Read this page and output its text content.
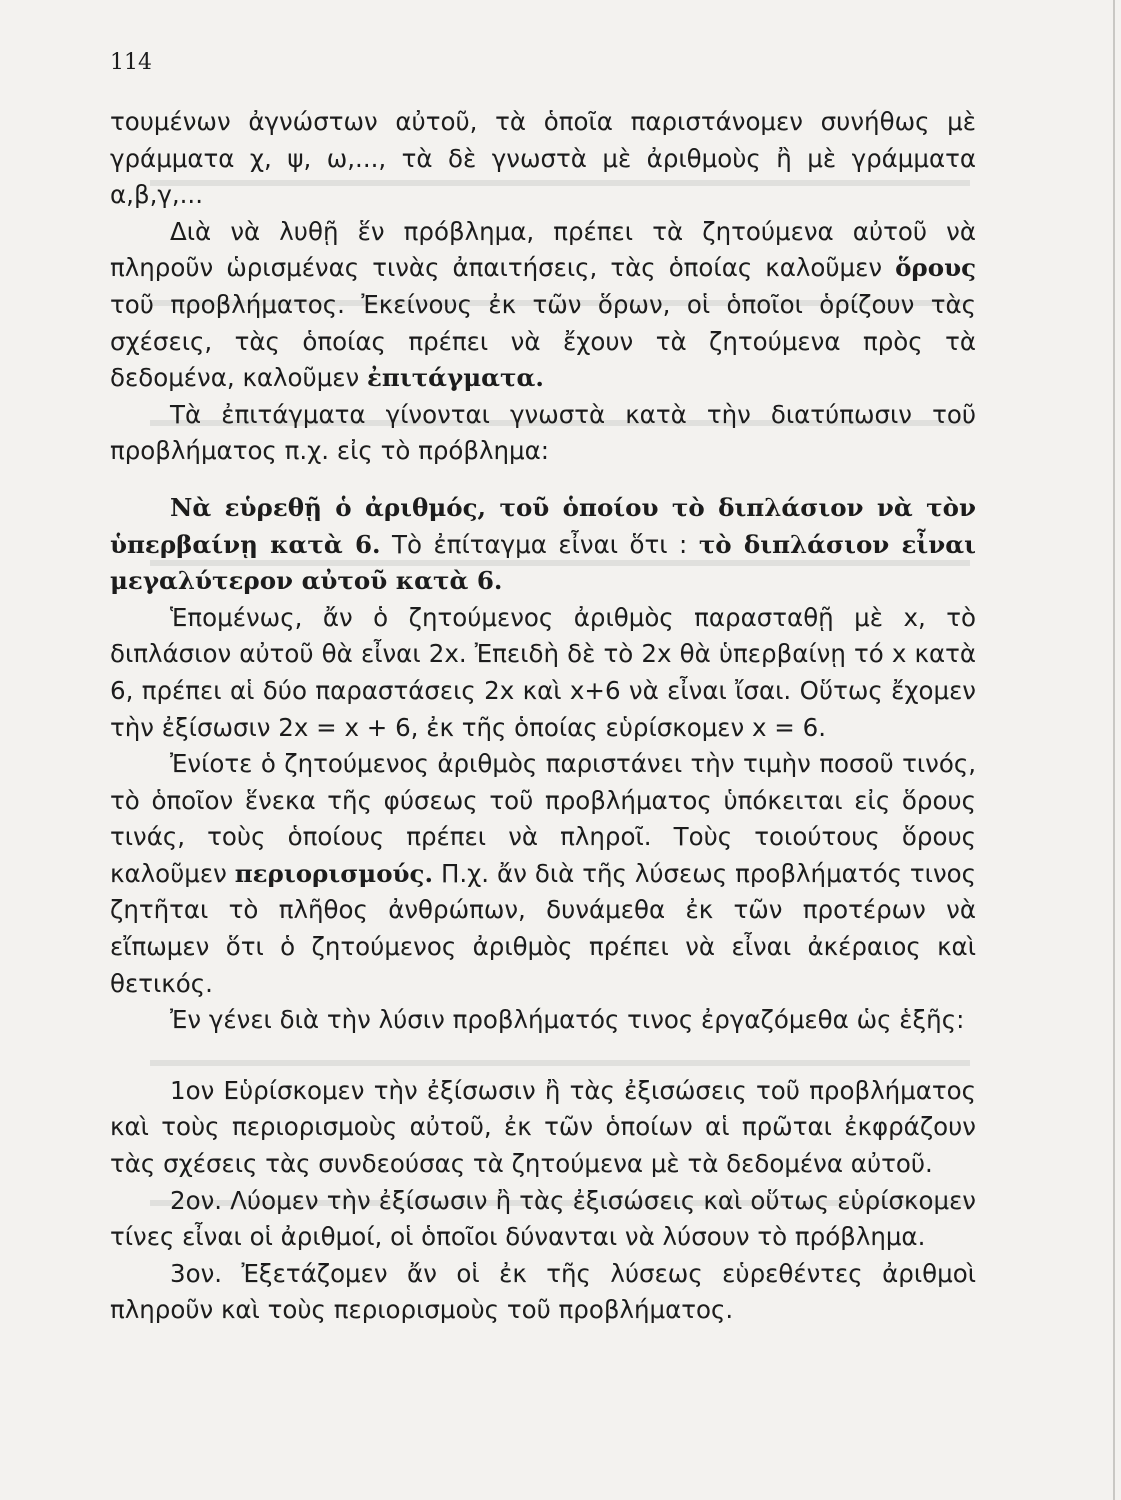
114

τουμένων ἀγνώστων αὐτοῦ, τὰ ὁποῖα παριστάνομεν συνήθως μὲ γράμματα χ, ψ, ω,..., τὰ δὲ γνωστὰ μὲ ἀριθμοὺς ἢ μὲ γράμματα α,β,γ,...

Διὰ νὰ λυθῇ ἕν πρόβλημα, πρέπει τὰ ζητούμενα αὐτοῦ νὰ πληροῦν ὡρισμένας τινὰς ἀπαιτήσεις, τὰς ὁποίας καλοῦμεν ὅρους τοῦ προβλήματος. Ἐκείνους ἐκ τῶν ὅρων, οἱ ὁποῖοι ὁρίζουν τὰς σχέσεις, τὰς ὁποίας πρέπει νὰ ἔχουν τὰ ζητούμενα πρὸς τὰ δεδομένα, καλοῦμεν ἐπιτάγματα.

Τὰ ἐπιτάγματα γίνονται γνωστὰ κατὰ τὴν διατύπωσιν τοῦ προβλήματος π.χ. εἰς τὸ πρόβλημα:

Νὰ εὑρεθῇ ὁ ἀριθμός, τοῦ ὁποίου τὸ διπλάσιον νὰ τὸν ὑπερβαίνῃ κατὰ 6. Τὸ ἐπίταγμα εἶναι ὅτι : τὸ διπλάσιον εἶναι μεγαλύτερον αὐτοῦ κατὰ 6.

Ἑπομένως, ἄν ὁ ζητούμενος ἀριθμὸς παρασταθῇ μὲ x, τὸ διπλάσιον αὐτοῦ θὰ εἶναι 2x. Ἐπειδὴ δὲ τὸ 2x θὰ ὑπερβαίνῃ τό x κατὰ 6, πρέπει αἱ δύο παραστάσεις 2x καὶ x+6 νὰ εἶναι ἴσαι. Οὕτως ἔχομεν τὴν ἐξίσωσιν 2x = x + 6, ἐκ τῆς ὁποίας εὑρίσκομεν x = 6.

Ἐνίοτε ὁ ζητούμενος ἀριθμὸς παριστάνει τὴν τιμὴν ποσοῦ τινός, τὸ ὁποῖον ἕνεκα τῆς φύσεως τοῦ προβλήματος ὑπόκειται εἰς ὅρους τινάς, τοὺς ὁποίους πρέπει νὰ πληροῖ. Τοὺς τοιούτους ὅρους καλοῦμεν περιορισμούς. Π.χ. ἄν διὰ τῆς λύσεως προβλήματός τινος ζητῆται τὸ πλῆθος ἀνθρώπων, δυνάμεθα ἐκ τῶν προτέρων νὰ εἴπωμεν ὅτι ὁ ζητούμενος ἀριθμὸς πρέπει νὰ εἶναι ἀκέραιος καὶ θετικός.

Ἐν γένει διὰ τὴν λύσιν προβλήματός τινος ἐργαζόμεθα ὡς ἑξῆς:

1ον Εὑρίσκομεν τὴν ἐξίσωσιν ἢ τὰς ἐξισώσεις τοῦ προβλήματος καὶ τοὺς περιορισμοὺς αὐτοῦ, ἐκ τῶν ὁποίων αἱ πρῶται ἐκφράζουν τὰς σχέσεις τὰς συνδεούσας τὰ ζητούμενα μὲ τὰ δεδομένα αὐτοῦ.

2ον. Λύομεν τὴν ἐξίσωσιν ἢ τὰς ἐξισώσεις καὶ οὕτως εὑρίσκομεν τίνες εἶναι οἱ ἀριθμοί, οἱ ὁποῖοι δύνανται νὰ λύσουν τὸ πρόβλημα.

3ον. Ἐξετάζομεν ἄν οἱ ἐκ τῆς λύσεως εὑρεθέντες ἀριθμοὶ πληροῦν καὶ τοὺς περιορισμοὺς τοῦ προβλήματος.
